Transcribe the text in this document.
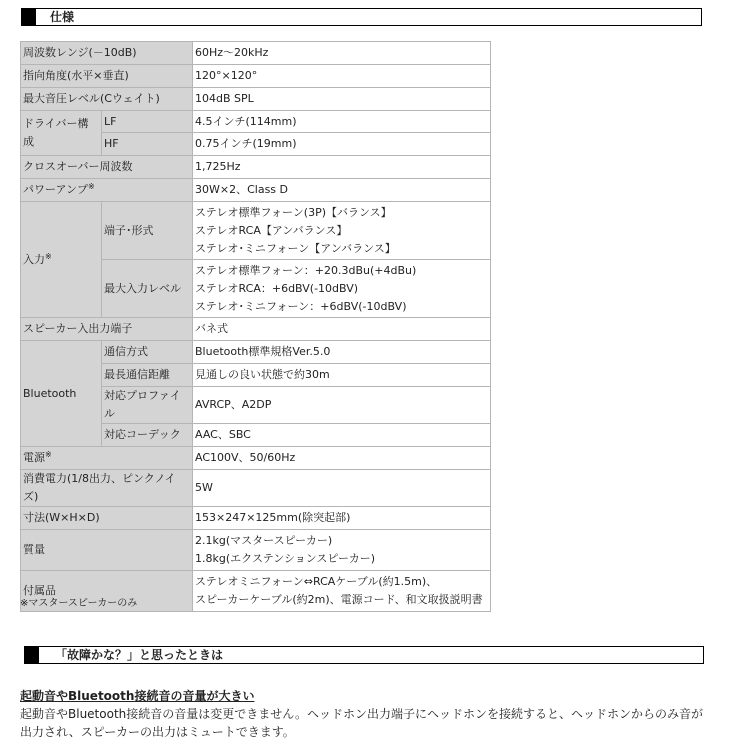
仕様
周波数レンジ(－10dB)		60Hz～20kHz
指向角度(水平×垂直)		120°×120°
最大音圧レベル(Cウェイト)		104dB SPL
ドライバー構成	LF	4.5インチ(114mm)
	HF	0.75インチ(19mm)
クロスオーバー周波数		1,725Hz
パワーアンプ※		30W×2、Class D
入力※	端子･形式	ステレオ標準フォーン(3P)【バランス】
ステレオRCA【アンバランス】
ステレオ･ミニフォーン【アンバランス】

	最大入力レベル	ステレオ標準フォーン：+20.3dBu(+4dBu)
ステレオRCA：+6dBV(-10dBV)
ステレオ･ミニフォーン：+6dBV(-10dBV)

スピーカー入出力端子		バネ式
Bluetooth	通信方式	Bluetooth標準規格Ver.5.0
	最長通信距離	見通しの良い状態で約30m
	対応プロファイル	AVRCP、A2DP
	対応コーデック	AAC、SBC
電源※		AC100V、50/60Hz
消費電力(1/8出力、ピンクノイズ)		5W
寸法(W×H×D)		153×247×125mm(除突起部)
質量		2.1kg(マスタースピーカー)
1.8kg(エクステンションスピーカー)

付属品		ステレオミニフォーン⇔RCAケーブル(約1.5m)、
スピーカーケーブル(約2m)、電源コード、和文取扱説明書
※マスタースピーカーのみ
「故障かな？」と思ったときは
起動音やBluetooth接続音の音量が大きい
起動音やBluetooth接続音の音量は変更できません。ヘッドホン出力端子にヘッドホンを接続すると、ヘッドホンからのみ音が出力され、スピーカーの出力はミュートできます。
